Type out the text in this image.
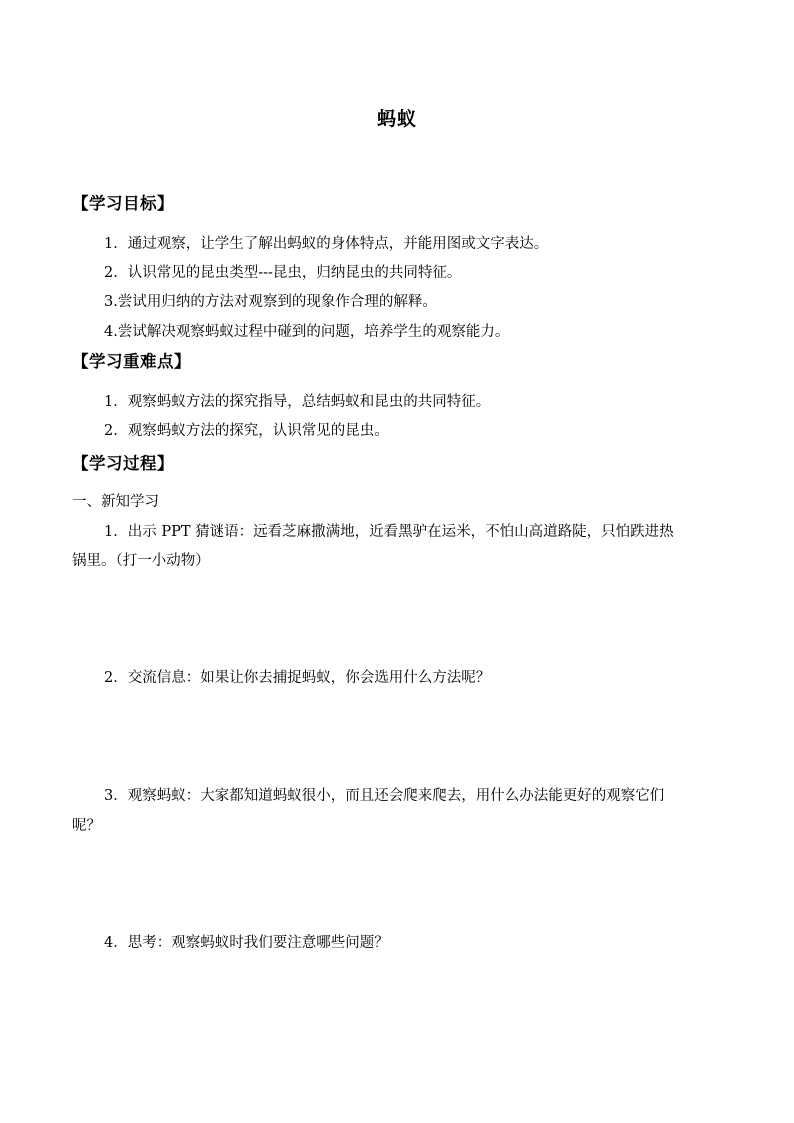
蚂蚁
【学习目标】
1．通过观察，让学生了解出蚂蚁的身体特点，并能用图或文字表达。
2．认识常见的昆虫类型---昆虫，归纳昆虫的共同特征。
3.尝试用归纳的方法对观察到的现象作合理的解释。
4.尝试解决观察蚂蚁过程中碰到的问题，培养学生的观察能力。
【学习重难点】
1．观察蚂蚁方法的探究指导，总结蚂蚁和昆虫的共同特征。
2．观察蚂蚁方法的探究，认识常见的昆虫。
【学习过程】
一、新知学习
1．出示 PPT 猜谜语：远看芝麻撒满地，近看黑驴在运米，不怕山高道路陡，只怕跌进热
锅里。（打一小动物）
2．交流信息：如果让你去捕捉蚂蚁，你会选用什么方法呢？
3．观察蚂蚁：大家都知道蚂蚁很小，而且还会爬来爬去，用什么办法能更好的观察它们
呢？
4．思考：观察蚂蚁时我们要注意哪些问题？
